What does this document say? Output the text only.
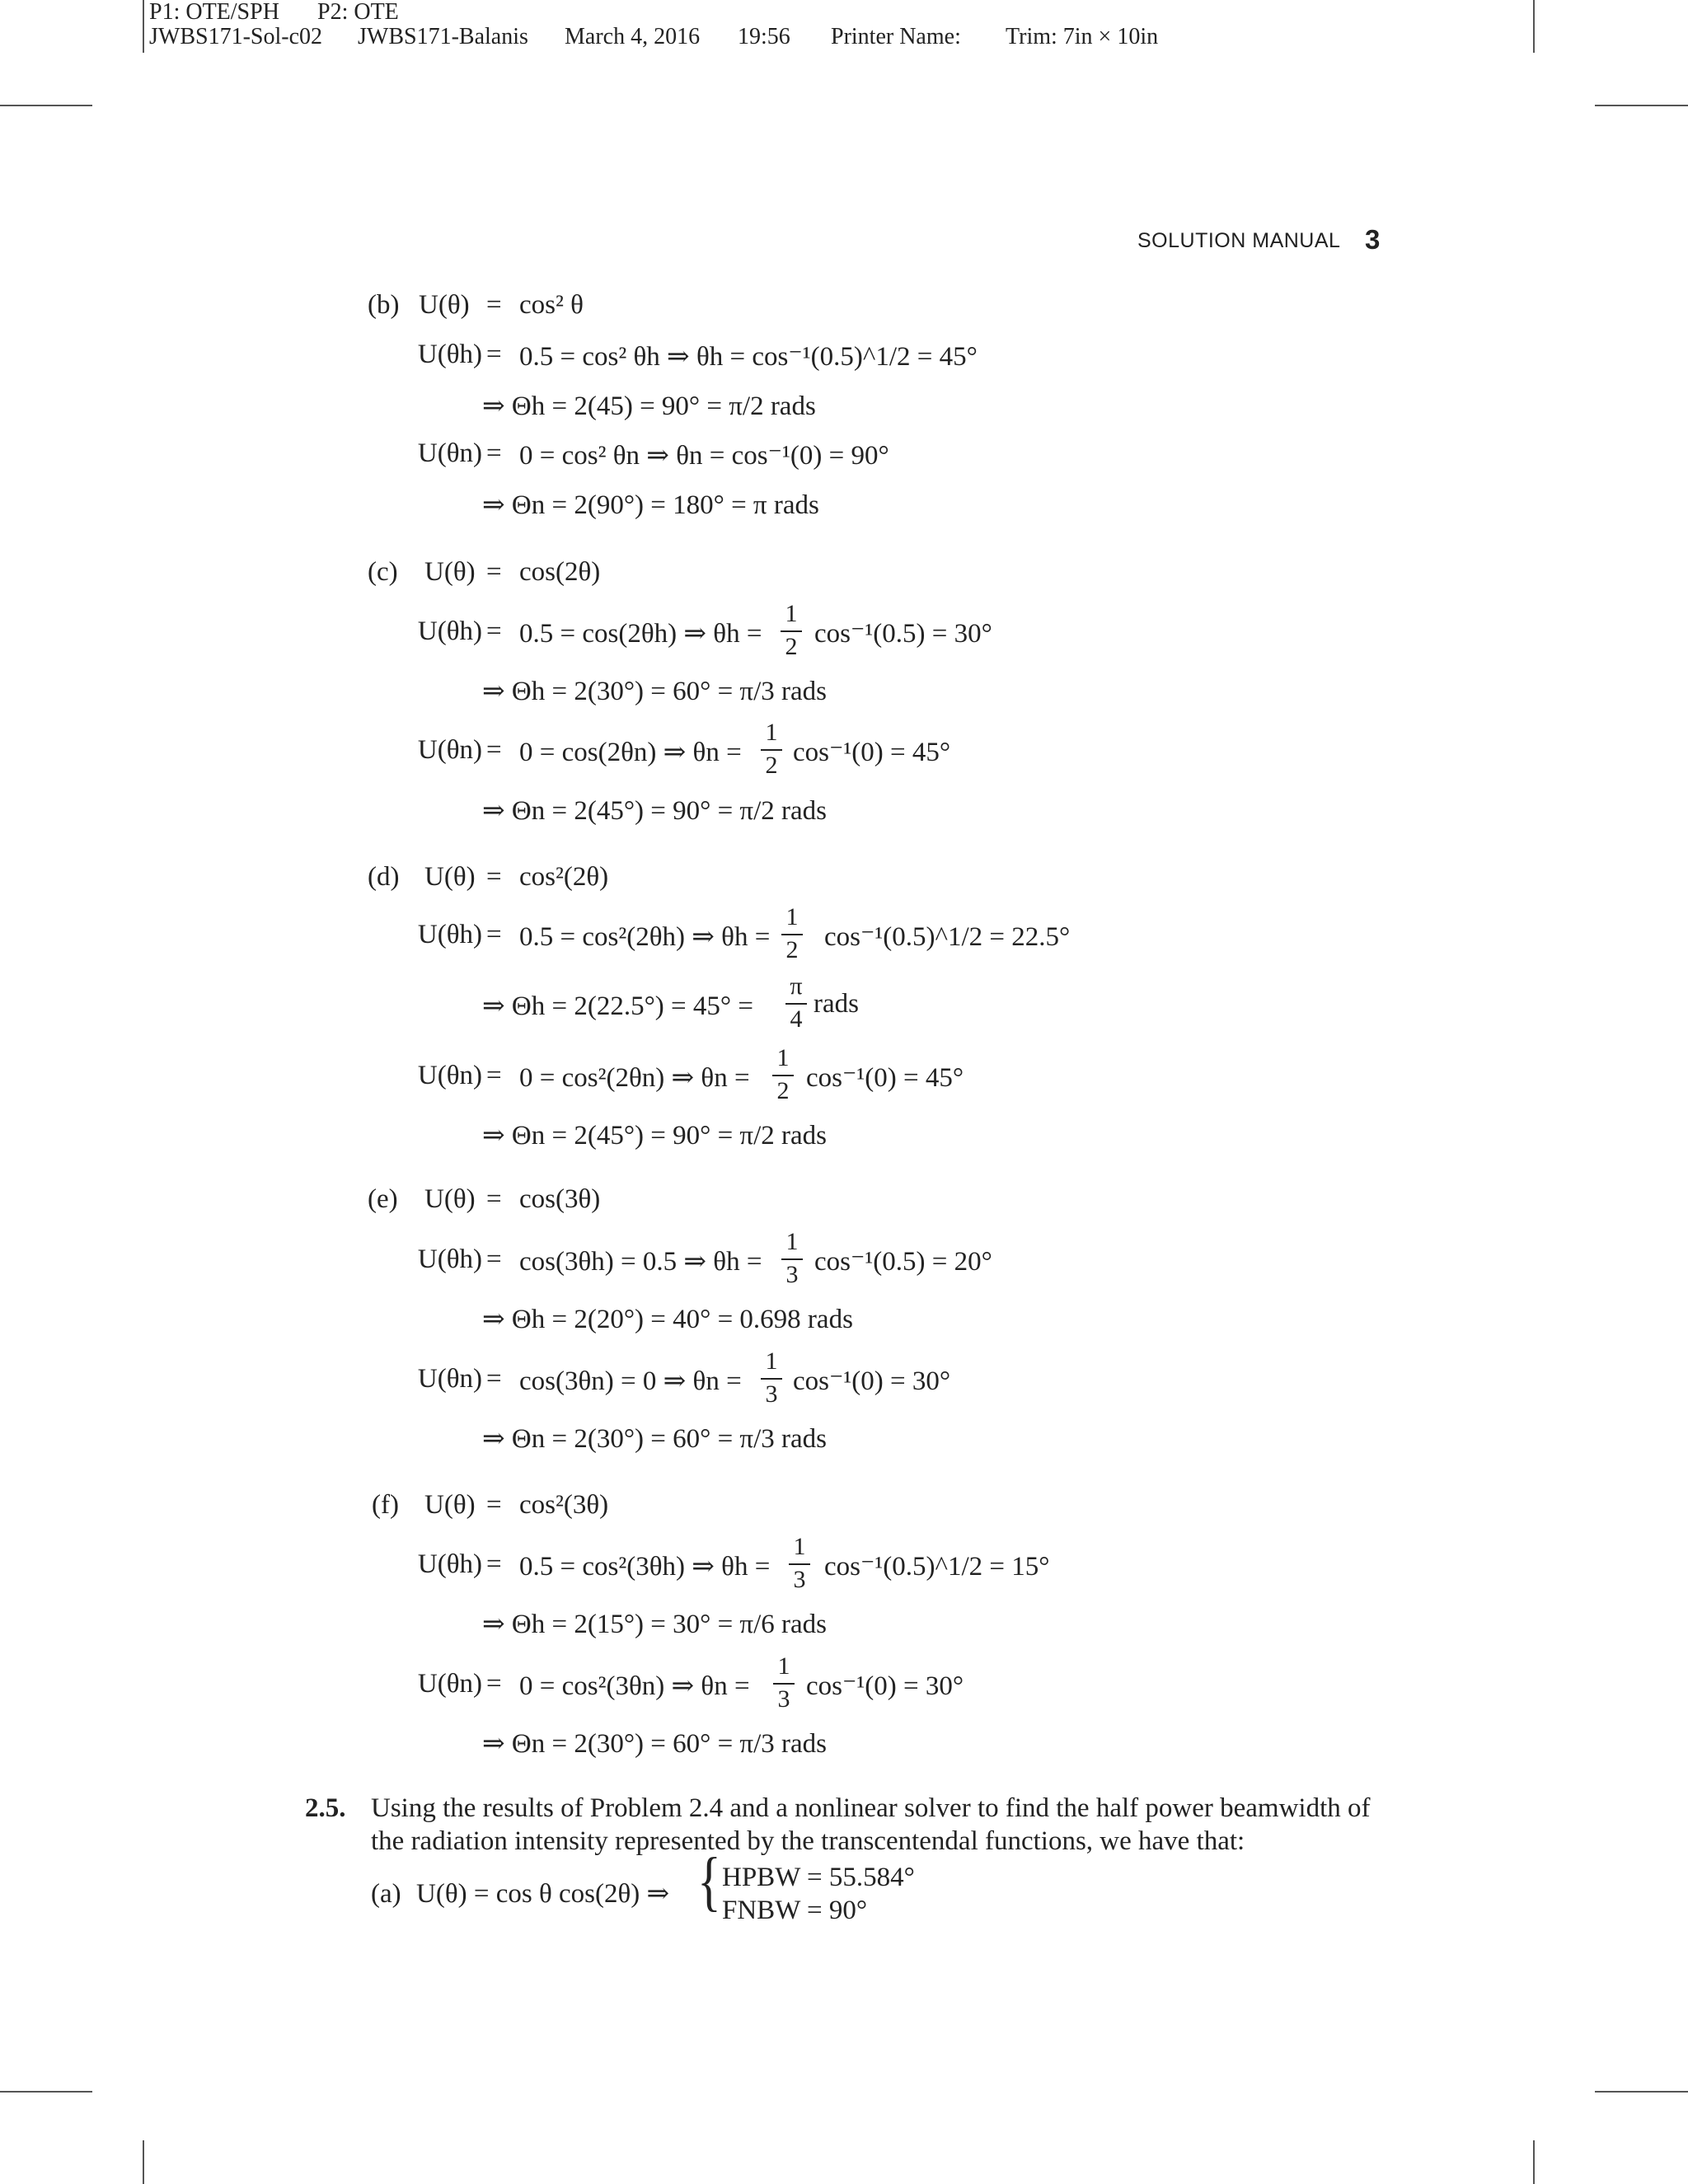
P1: OTE/SPH P2: OTE
JWBS171-Sol-c02 JWBS171-Balanis March 4, 2016 19:56 Printer Name: Trim: 7in × 10in
SOLUTION MANUAL 3
(b) U(θ) = cos² θ
U(θh) = 0.5 = cos² θh ⇒ θh = cos⁻¹(0.5)^1/2 = 45°
⇒ Θh = 2(45) = 90° = π/2 rads
U(θn) = 0 = cos² θn ⇒ θn = cos⁻¹(0) = 90°
⇒ Θn = 2(90°) = 180° = π rads
(c) U(θ) = cos(2θ)
U(θh) = 0.5 = cos(2θh) ⇒ θh =
1
2 cos⁻¹(0.5) = 30°
⇒ Θh = 2(30°) = 60° = π/3 rads
U(θn) = 0 = cos(2θn) ⇒ θn =
1
2 cos⁻¹(0) = 45°
⇒ Θn = 2(45°) = 90° = π/2 rads
(d) U(θ) = cos²(2θ)
U(θh) = 0.5 = cos²(2θh) ⇒ θh =
1
2 cos⁻¹(0.5)^1/2 = 22.5°
⇒ Θh = 2(22.5°) = 45° =
π
4
rads
U(θn) = 0 = cos²(2θn) ⇒ θn =
1
2 cos⁻¹(0) = 45°
⇒ Θn = 2(45°) = 90° = π/2 rads
(e) U(θ) = cos(3θ)
U(θh) = cos(3θh) = 0.5 ⇒ θh =
1
3 cos⁻¹(0.5) = 20°
⇒ Θh = 2(20°) = 40° = 0.698 rads
U(θn) = cos(3θn) = 0 ⇒ θn =
1
3 cos⁻¹(0) = 30°
⇒ Θn = 2(30°) = 60° = π/3 rads
(f) U(θ) = cos²(3θ)
U(θh) = 0.5 = cos²(3θh) ⇒ θh =
1
3 cos⁻¹(0.5)^1/2 = 15°
⇒ Θh = 2(15°) = 30° = π/6 rads
U(θn) = 0 = cos²(3θn) ⇒ θn =
1
3 cos⁻¹(0) = 30°
⇒ Θn = 2(30°) = 60° = π/3 rads
2.5. Using the results of Problem 2.4 and a nonlinear solver to find the half power beamwidth of
the radiation intensity represented by the transcentendal functions, we have that:
(a) U(θ) = cos θ cos(2θ) ⇒ { HPBW = 55.584°
FNBW = 90°
